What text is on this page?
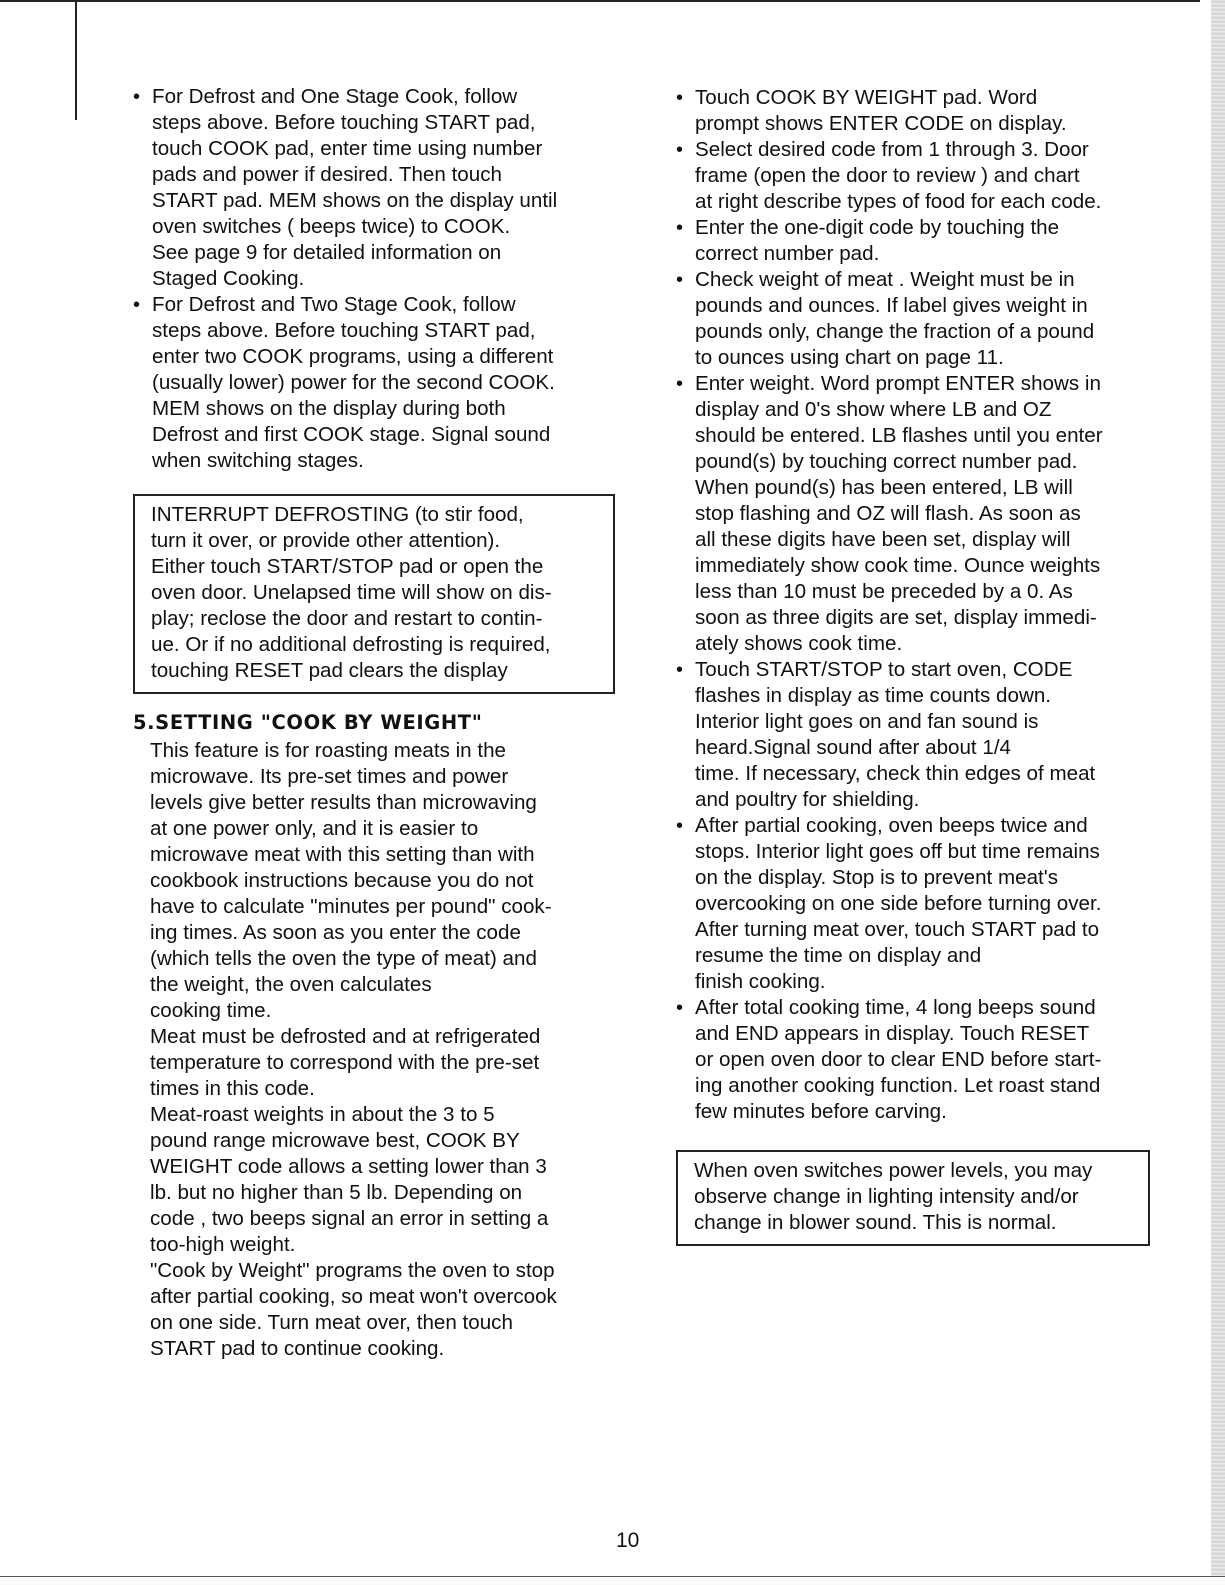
• For Defrost and One Stage Cook, follow
steps above. Before touching START pad,
touch COOK pad, enter time using number
pads and power if desired. Then touch
START pad. MEM shows on the display until
oven switches ( beeps twice) to COOK.
See page 9 for detailed information on
Staged Cooking.
• For Defrost and Two Stage Cook, follow
steps above. Before touching START pad,
enter two COOK programs, using a different
(usually lower) power for the second COOK.
MEM shows on the display during both
Defrost and first COOK stage. Signal sound
when switching stages.
INTERRUPT DEFROSTING (to stir food,
turn it over, or provide other attention).
Either touch START/STOP pad or open the
oven door. Unelapsed time will show on dis-
play; reclose the door and restart to contin-
ue. Or if no additional defrosting is required,
touching RESET pad clears the display
5.SETTING "COOK BY WEIGHT"
This feature is for roasting meats in the
microwave. Its pre-set times and power
levels give better results than microwaving
at one power only, and it is easier to
microwave meat with this setting than with
cookbook instructions because you do not
have to calculate "minutes per pound" cook-
ing times. As soon as you enter the code
(which tells the oven the type of meat) and
the weight, the oven calculates
cooking time.
Meat must be defrosted and at refrigerated
temperature to correspond with the pre-set
times in this code.
Meat-roast weights in about the 3 to 5
pound range microwave best, COOK BY
WEIGHT code allows a setting lower than 3
lb. but no higher than 5 lb. Depending on
code , two beeps signal an error in setting a
too-high weight.
"Cook by Weight" programs the oven to stop
after partial cooking, so meat won't overcook
on one side. Turn meat over, then touch
START pad to continue cooking.
• Touch COOK BY WEIGHT pad. Word
prompt shows ENTER CODE on display.
• Select desired code from 1 through 3. Door
frame (open the door to review ) and chart
at right describe types of food for each code.
• Enter the one-digit code by touching the
correct number pad.
• Check weight of meat . Weight must be in
pounds and ounces. If label gives weight in
pounds only, change the fraction of a pound
to ounces using chart on page 11.
• Enter weight. Word prompt ENTER shows in
display and 0's show where LB and OZ
should be entered. LB flashes until you enter
pound(s) by touching correct number pad.
When pound(s) has been entered, LB will
stop flashing and OZ will flash. As soon as
all these digits have been set, display will
immediately show cook time. Ounce weights
less than 10 must be preceded by a 0. As
soon as three digits are set, display immedi-
ately shows cook time.
• Touch START/STOP to start oven, CODE
flashes in display as time counts down.
Interior light goes on and fan sound is
heard.Signal sound after about 1/4
time. If necessary, check thin edges of meat
and poultry for shielding.
• After partial cooking, oven beeps twice and
stops. Interior light goes off but time remains
on the display. Stop is to prevent meat's
overcooking on one side before turning over.
After turning meat over, touch START pad to
resume the time on display and
finish cooking.
• After total cooking time, 4 long beeps sound
and END appears in display. Touch RESET
or open oven door to clear END before start-
ing another cooking function. Let roast stand
few minutes before carving.
When oven switches power levels, you may
observe change in lighting intensity and/or
change in blower sound. This is normal.
10
